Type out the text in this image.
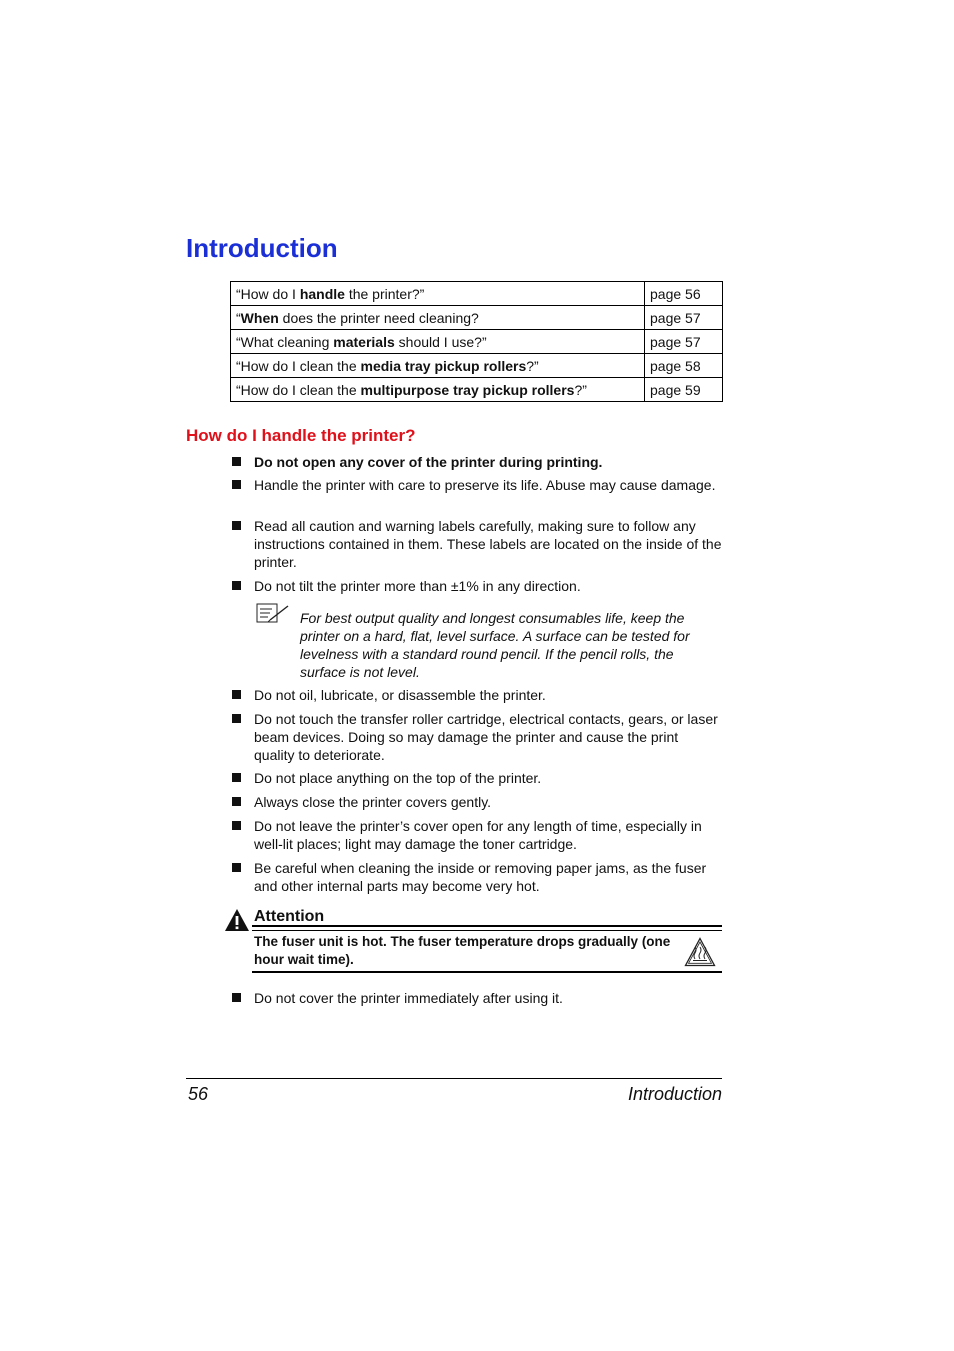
Introduction
“How do I handle the printer?”	page 56
“When does the printer need cleaning?	page 57
“What cleaning materials should I use?”	page 57
“How do I clean the media tray pickup rollers?”	page 58
“How do I clean the multipurpose tray pickup rollers?”	page 59
How do I handle the printer?
Do not open any cover of the printer during printing.
Handle the printer with care to preserve its life. Abuse may cause damage.
Read all caution and warning labels carefully, making sure to follow any instructions contained in them. These labels are located on the inside of the printer.
Do not tilt the printer more than ±1% in any direction.
For best output quality and longest consumables life, keep the printer on a hard, flat, level surface. A surface can be tested for levelness with a standard round pencil. If the pencil rolls, the surface is not level.
Do not oil, lubricate, or disassemble the printer.
Do not touch the transfer roller cartridge, electrical contacts, gears, or laser beam devices. Doing so may damage the printer and cause the print quality to deteriorate.
Do not place anything on the top of the printer.
Always close the printer covers gently.
Do not leave the printer’s cover open for any length of time, especially in well-lit places; light may damage the toner cartridge.
Be careful when cleaning the inside or removing paper jams, as the fuser and other internal parts may become very hot.
Attention
The fuser unit is hot. The fuser temperature drops gradually (one hour wait time).
Do not cover the printer immediately after using it.
56	Introduction
